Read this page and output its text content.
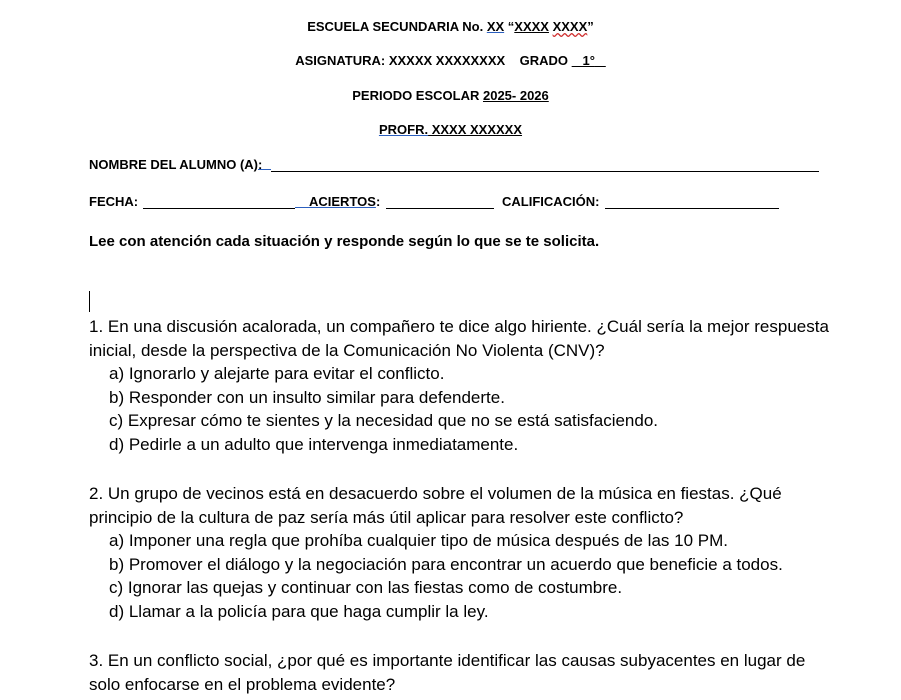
ESCUELA SECUNDARIA No. XX “XXXX XXXX”
ASIGNATURA: XXXXX XXXXXXXX GRADO 1°
PERIODO ESCOLAR 2025- 2026
PROFR. XXXX XXXXXX
NOMBRE DEL ALUMNO (A):
FECHA:	ACIERTOS:	CALIFICACIÓN:
Lee con atención cada situación y responde según lo que se te solicita.
1. En una discusión acalorada, un compañero te dice algo hiriente. ¿Cuál sería la mejor respuesta inicial, desde la perspectiva de la Comunicación No Violenta (CNV)?
a) Ignorarlo y alejarte para evitar el conflicto.
b) Responder con un insulto similar para defenderte.
c) Expresar cómo te sientes y la necesidad que no se está satisfaciendo.
d) Pedirle a un adulto que intervenga inmediatamente.
2. Un grupo de vecinos está en desacuerdo sobre el volumen de la música en fiestas. ¿Qué principio de la cultura de paz sería más útil aplicar para resolver este conflicto?
a) Imponer una regla que prohíba cualquier tipo de música después de las 10 PM.
b) Promover el diálogo y la negociación para encontrar un acuerdo que beneficie a todos.
c) Ignorar las quejas y continuar con las fiestas como de costumbre.
d) Llamar a la policía para que haga cumplir la ley.
3. En un conflicto social, ¿por qué es importante identificar las causas subyacentes en lugar de solo enfocarse en el problema evidente?
